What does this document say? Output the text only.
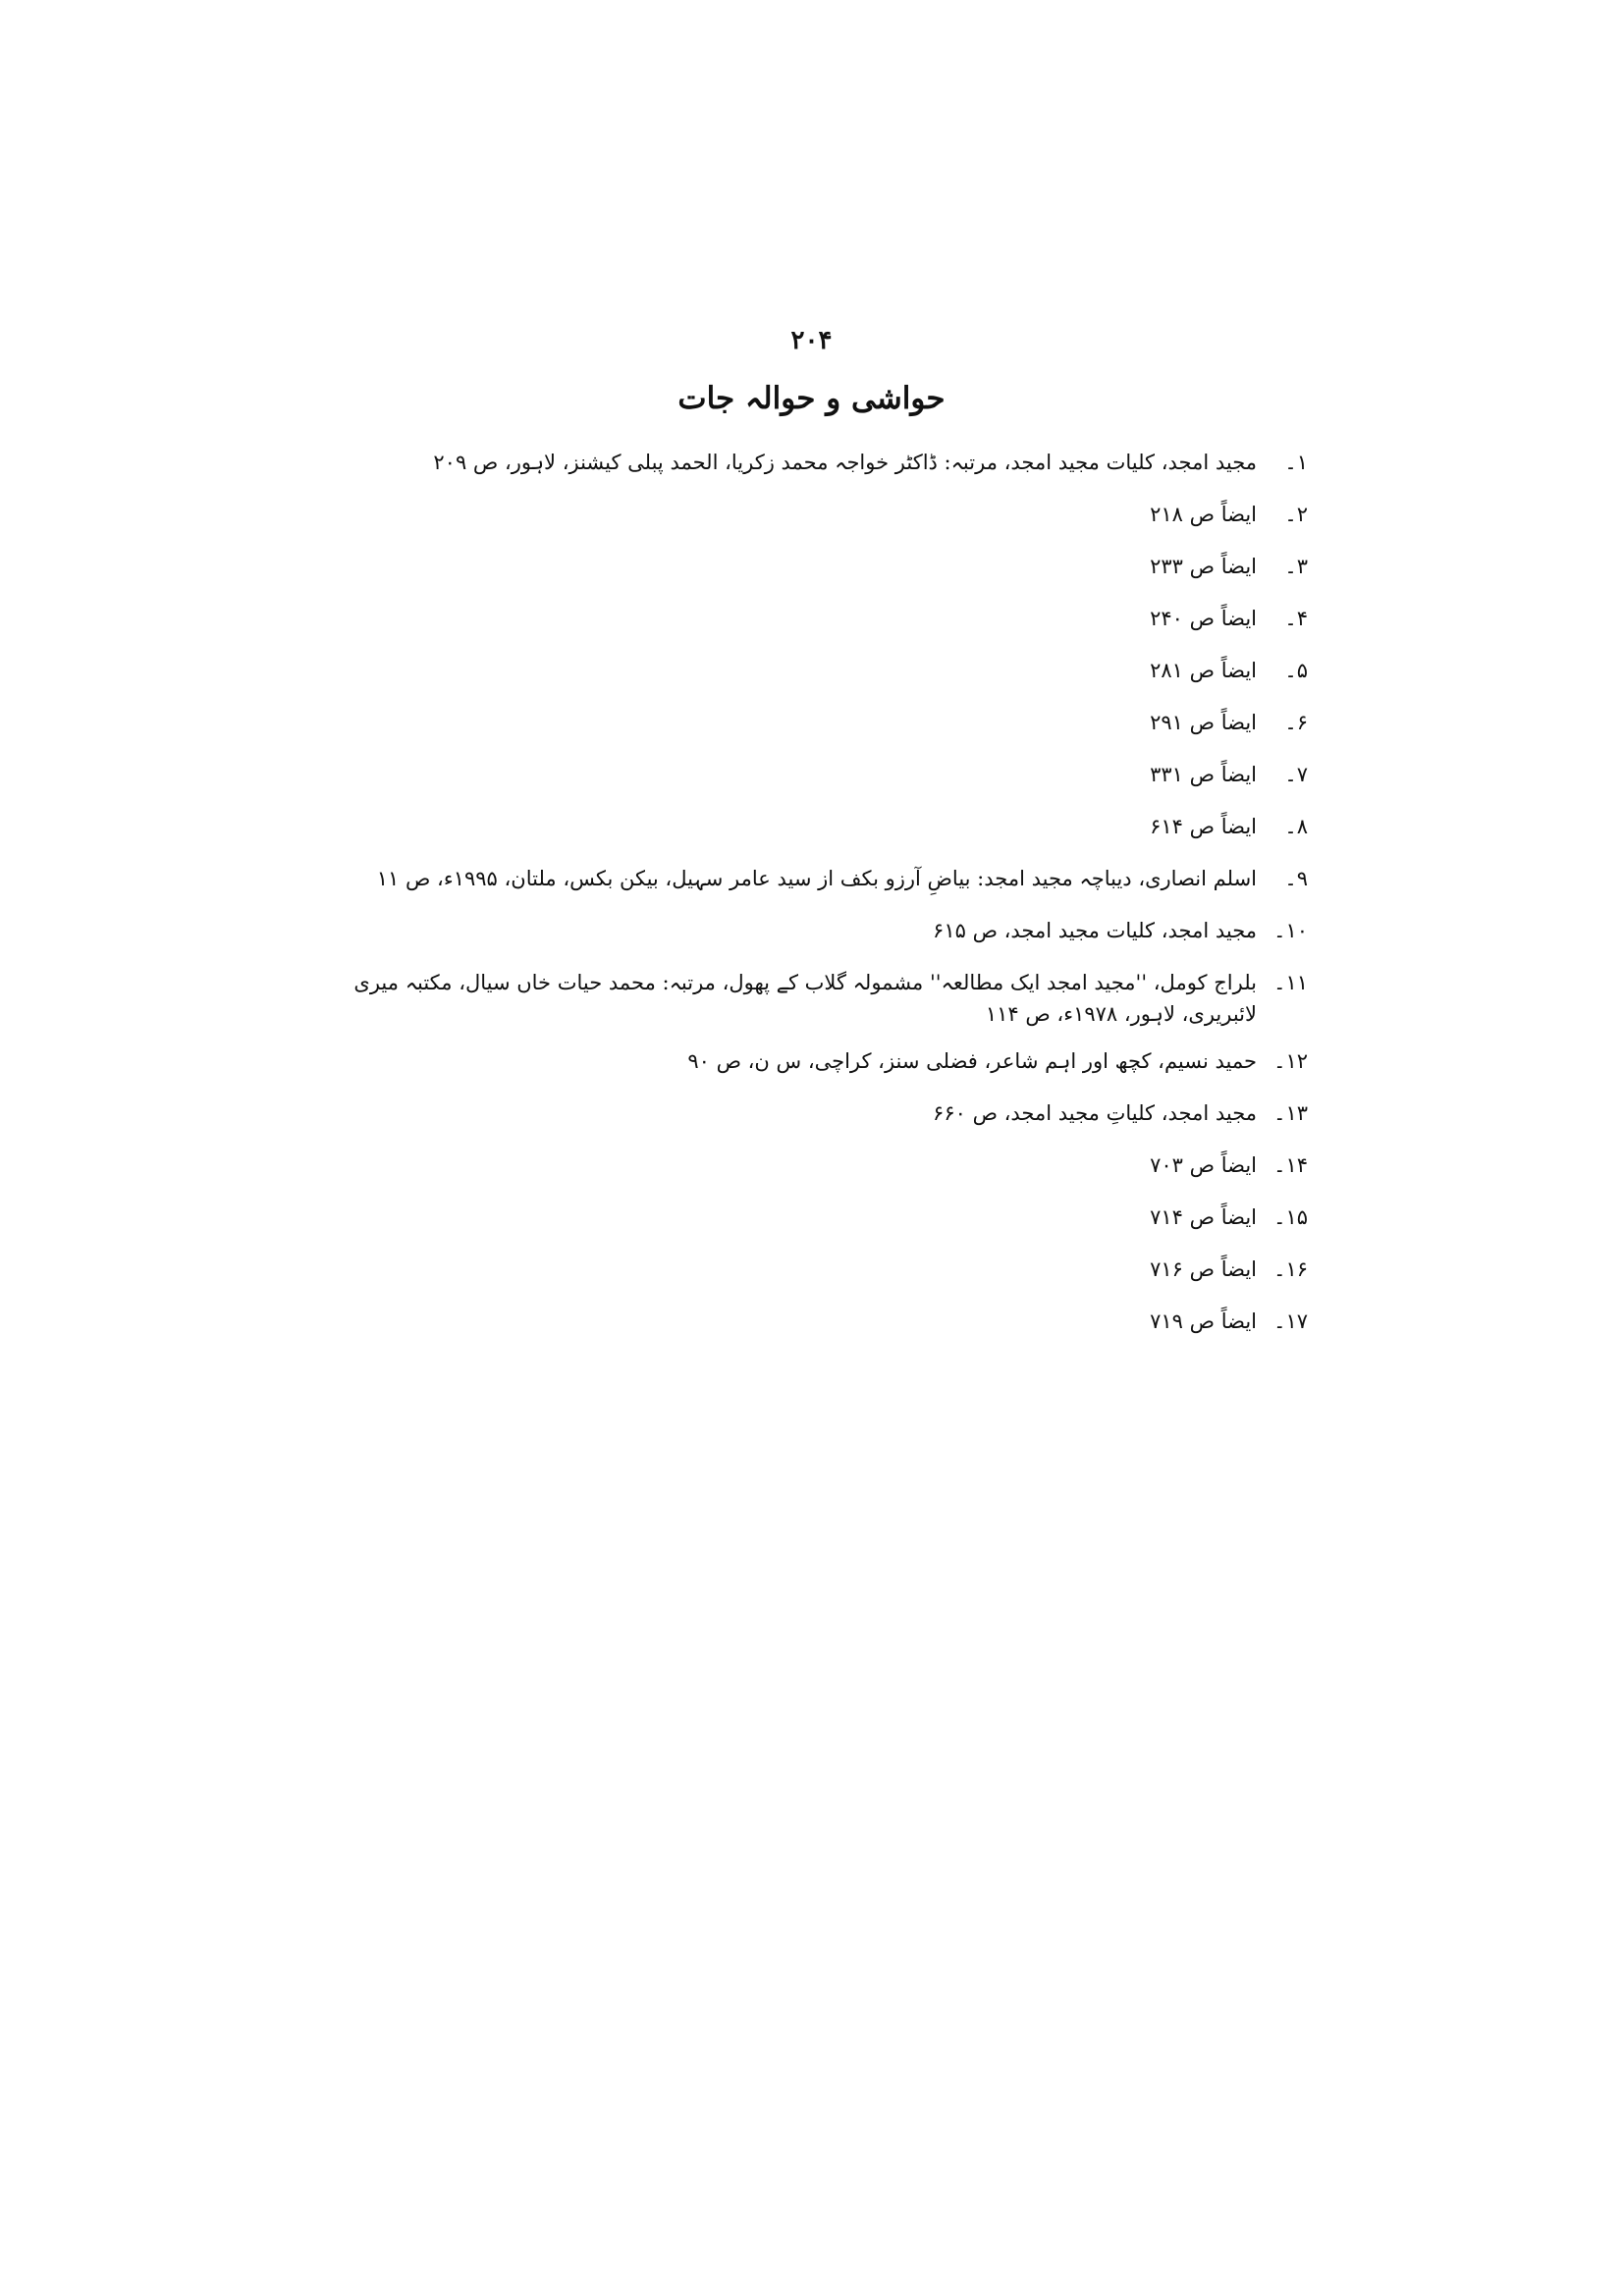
۲۰۴
حواشی و حوالہ جات
۱۔
مجید امجد، کلیات مجید امجد، مرتبہ: ڈاکٹر خواجہ محمد زکریا، الحمد پبلی کیشنز، لاہور، ص ۲۰۹
۲۔
ایضاً ص ۲۱۸
۳۔
ایضاً ص ۲۳۳
۴۔
ایضاً ص ۲۴۰
۵۔
ایضاً ص ۲۸۱
۶۔
ایضاً ص ۲۹۱
۷۔
ایضاً ص ۳۳۱
۸۔
ایضاً ص ۶۱۴
۹۔
اسلم انصاری، دیباچہ مجید امجد: بیاضِ آرزو بکف از سید عامر سہیل، بیکن بکس، ملتان، ۱۹۹۵ء، ص ۱۱
۱۰۔
مجید امجد، کلیات مجید امجد، ص ۶۱۵
۱۱۔
بلراج کومل، ''مجید امجد ایک مطالعہ'' مشمولہ گلاب کے پھول، مرتبہ: محمد حیات خاں سیال، مکتبہ میری لائبریری، لاہور، ۱۹۷۸ء، ص ۱۱۴
۱۲۔
حمید نسیم، کچھ اور اہم شاعر، فضلی سنز، کراچی، س ن، ص ۹۰
۱۳۔
مجید امجد، کلیاتِ مجید امجد، ص ۶۶۰
۱۴۔
ایضاً ص ۷۰۳
۱۵۔
ایضاً ص ۷۱۴
۱۶۔
ایضاً ص ۷۱۶
۱۷۔
ایضاً ص ۷۱۹
